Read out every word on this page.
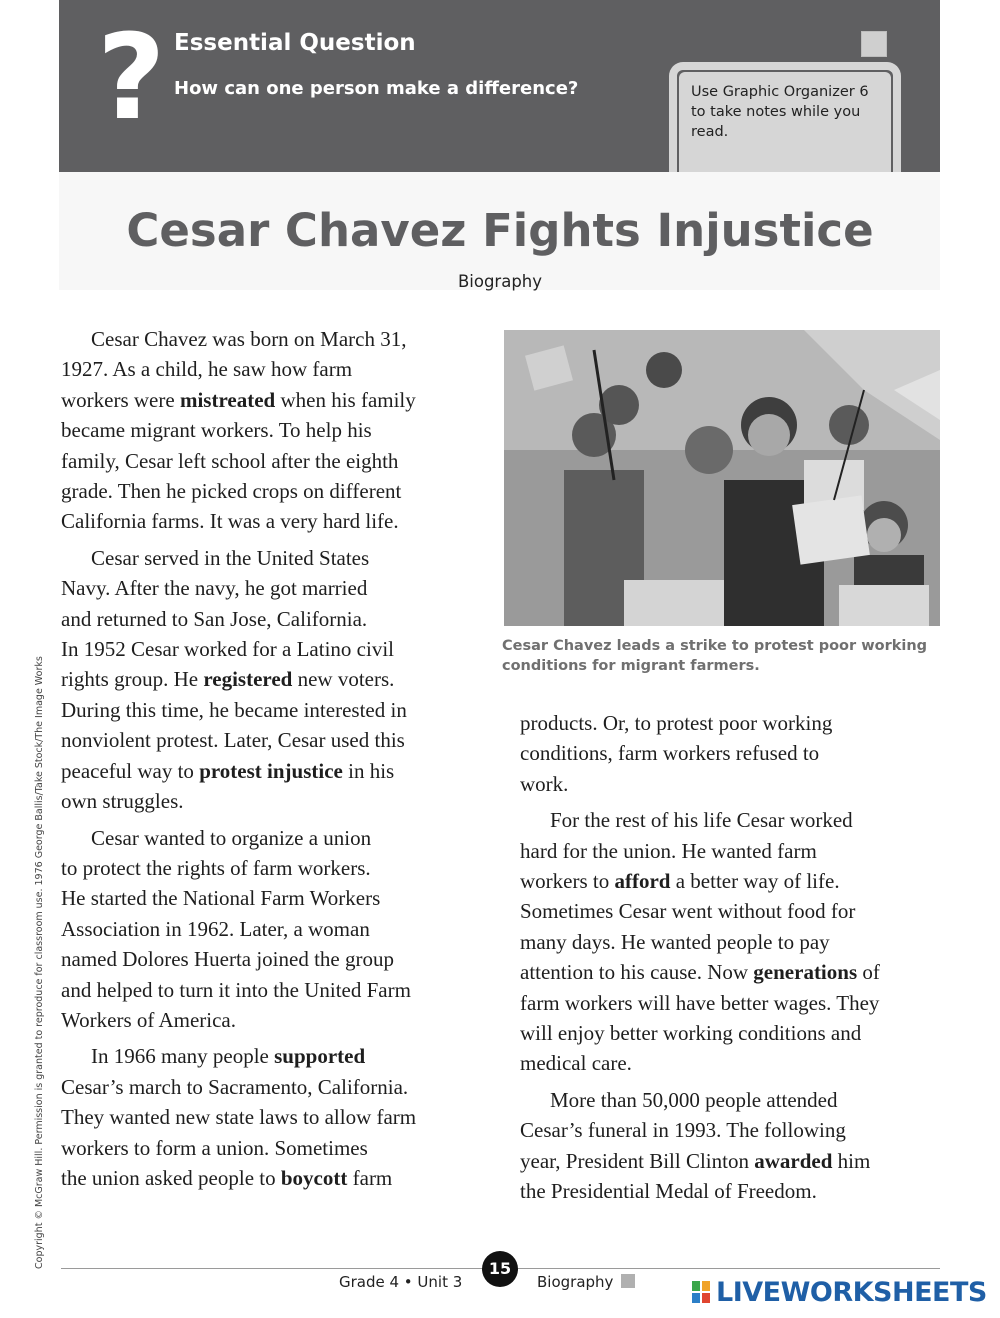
? Essential Question
How can one person make a difference?	Use Graphic Organizer 6 to take notes while you read.
Cesar Chavez Fights Injustice
Biography

Cesar Chavez was born on March 31,
1927. As a child, he saw how farm
workers were mistreated when his family
became migrant workers. To help his
family, Cesar left school after the eighth
grade. Then he picked crops on different
California farms. It was a very hard life.

Cesar served in the United States
Navy. After the navy, he got married
and returned to San Jose, California.
In 1952 Cesar worked for a Latino civil
rights group. He registered new voters.
During this time, he became interested in
nonviolent protest. Later, Cesar used this
peaceful way to protest injustice in his
own struggles.

Cesar wanted to organize a union
to protect the rights of farm workers.
He started the National Farm Workers
Association in 1962. Later, a woman
named Dolores Huerta joined the group
and helped to turn it into the United Farm
Workers of America.

In 1966 many people supported
Cesar’s march to Sacramento, California.
They wanted new state laws to allow farm
workers to form a union. Sometimes
the union asked people to boycott farm

Cesar Chavez leads a strike to protest poor working conditions for migrant farmers.

products. Or, to protest poor working
conditions, farm workers refused to
work.

For the rest of his life Cesar worked
hard for the union. He wanted farm
workers to afford a better way of life.
Sometimes Cesar went without food for
many days. He wanted people to pay
attention to his cause. Now generations of
farm workers will have better wages. They
will enjoy better working conditions and
medical care.

More than 50,000 people attended
Cesar’s funeral in 1993. The following
year, President Bill Clinton awarded him
the Presidential Medal of Freedom.

Copyright © McGraw Hill. Permission is granted to reproduce for classroom use. 1976 George Ballis/Take Stock/The Image Works
Grade 4 • Unit 3
15
Biography	LIVEWORKSHEETS
